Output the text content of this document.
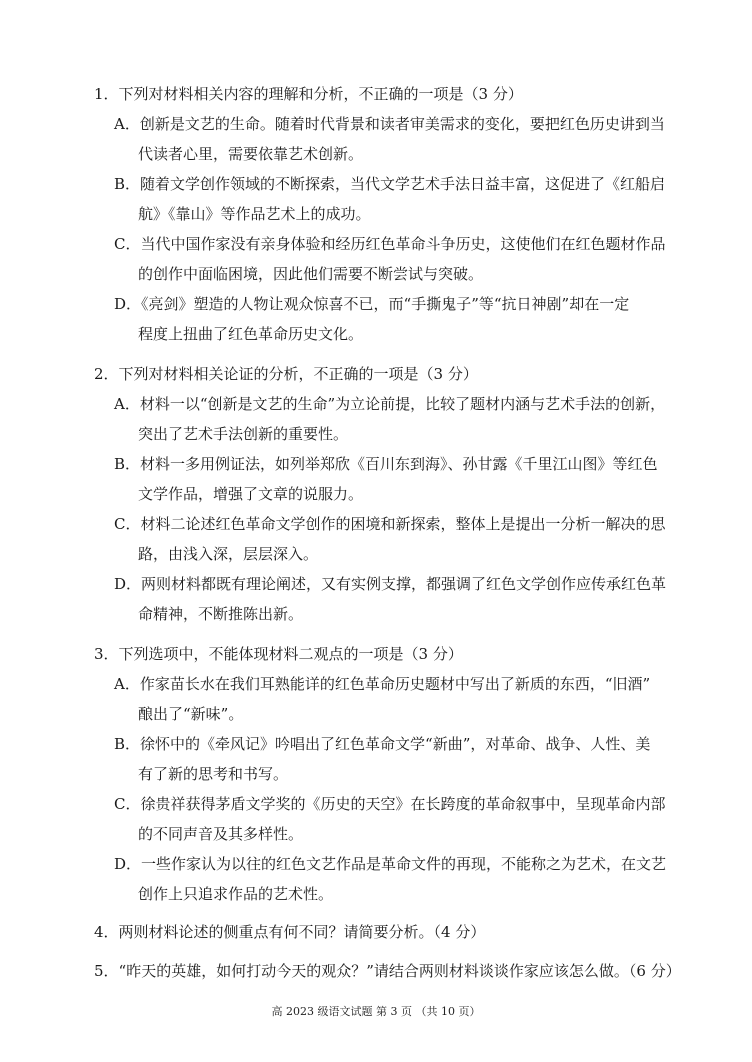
1．下列对材料相关内容的理解和分析，不正确的一项是（3 分）
A．创新是文艺的生命。随着时代背景和读者审美需求的变化，要把红色历史讲到当
代读者心里，需要依靠艺术创新。
B．随着文学创作领域的不断探索，当代文学艺术手法日益丰富，这促进了《红船启
航》《靠山》等作品艺术上的成功。
C．当代中国作家没有亲身体验和经历红色革命斗争历史，这使他们在红色题材作品
的创作中面临困境，因此他们需要不断尝试与突破。
D．《亮剑》塑造的人物让观众惊喜不已，而“手撕鬼子”等“抗日神剧”却在一定
程度上扭曲了红色革命历史文化。
2．下列对材料相关论证的分析，不正确的一项是（3 分）
A．材料一以“创新是文艺的生命”为立论前提，比较了题材内涵与艺术手法的创新，
突出了艺术手法创新的重要性。
B．材料一多用例证法，如列举郑欣《百川东到海》、孙甘露《千里江山图》等红色
文学作品，增强了文章的说服力。
C．材料二论述红色革命文学创作的困境和新探索，整体上是提出一分析一解决的思
路，由浅入深，层层深入。
D．两则材料都既有理论阐述，又有实例支撑，都强调了红色文学创作应传承红色革
命精神，不断推陈出新。
3．下列选项中，不能体现材料二观点的一项是（3 分）
A．作家苗长水在我们耳熟能详的红色革命历史题材中写出了新质的东西，“旧酒”
酿出了“新味”。
B．徐怀中的《牵风记》吟唱出了红色革命文学“新曲”，对革命、战争、人性、美
有了新的思考和书写。
C．徐贵祥获得茅盾文学奖的《历史的天空》在长跨度的革命叙事中，呈现革命内部
的不同声音及其多样性。
D．一些作家认为以往的红色文艺作品是革命文件的再现，不能称之为艺术，在文艺
创作上只追求作品的艺术性。
4．两则材料论述的侧重点有何不同？请简要分析。（4 分）
5．“昨天的英雄，如何打动今天的观众？”请结合两则材料谈谈作家应该怎么做。（6 分）
高 2023 级语文试题 第 3 页 （共 10 页）
